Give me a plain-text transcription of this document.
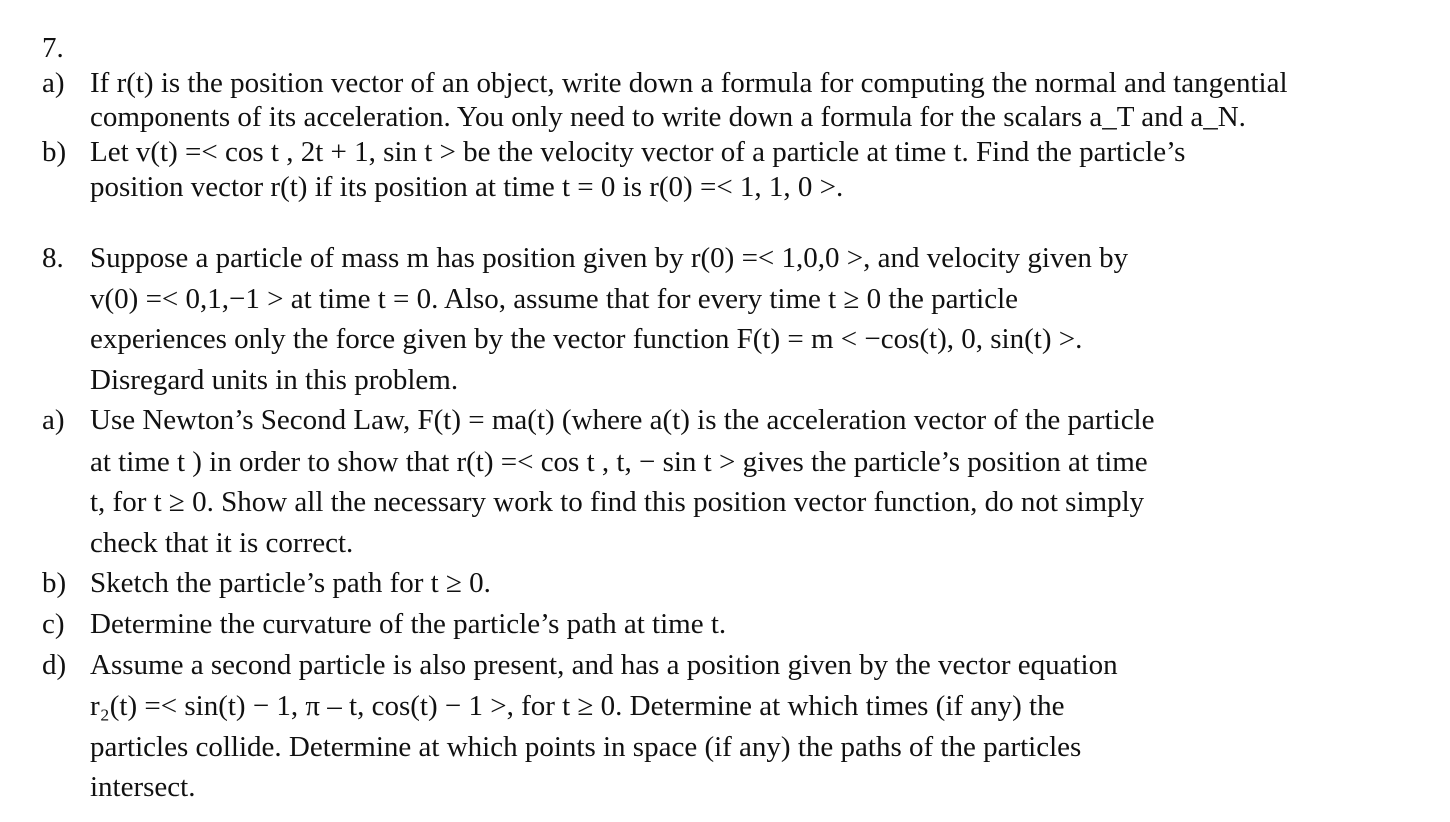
7.
a) If r(t) is the position vector of an object, write down a formula for computing the normal and tangential
components of its acceleration. You only need to write down a formula for the scalars a_T and a_N.
b) Let v(t) =< cos t , 2t + 1, sin t > be the velocity vector of a particle at time t. Find the particle’s
position vector r(t) if its position at time t = 0 is r(0) =< 1, 1, 0 >.
8. Suppose a particle of mass m has position given by r(0) =< 1,0,0 >, and velocity given by
v(0) =< 0,1,−1 > at time t = 0. Also, assume that for every time t ≥ 0 the particle
experiences only the force given by the vector function F(t) = m < −cos(t), 0, sin(t) >.
Disregard units in this problem.
a) Use Newton’s Second Law, F(t) = ma(t) (where a(t) is the acceleration vector of the particle
at time t ) in order to show that r(t) =< cos t , t, − sin t > gives the particle’s position at time
t, for t ≥ 0. Show all the necessary work to find this position vector function, do not simply
check that it is correct.
b) Sketch the particle’s path for t ≥ 0.
c) Determine the curvature of the particle’s path at time t.
d) Assume a second particle is also present, and has a position given by the vector equation
r₂(t) =< sin(t) − 1, π – t, cos(t) − 1 >, for t ≥ 0. Determine at which times (if any) the
particles collide. Determine at which points in space (if any) the paths of the particles
intersect.
